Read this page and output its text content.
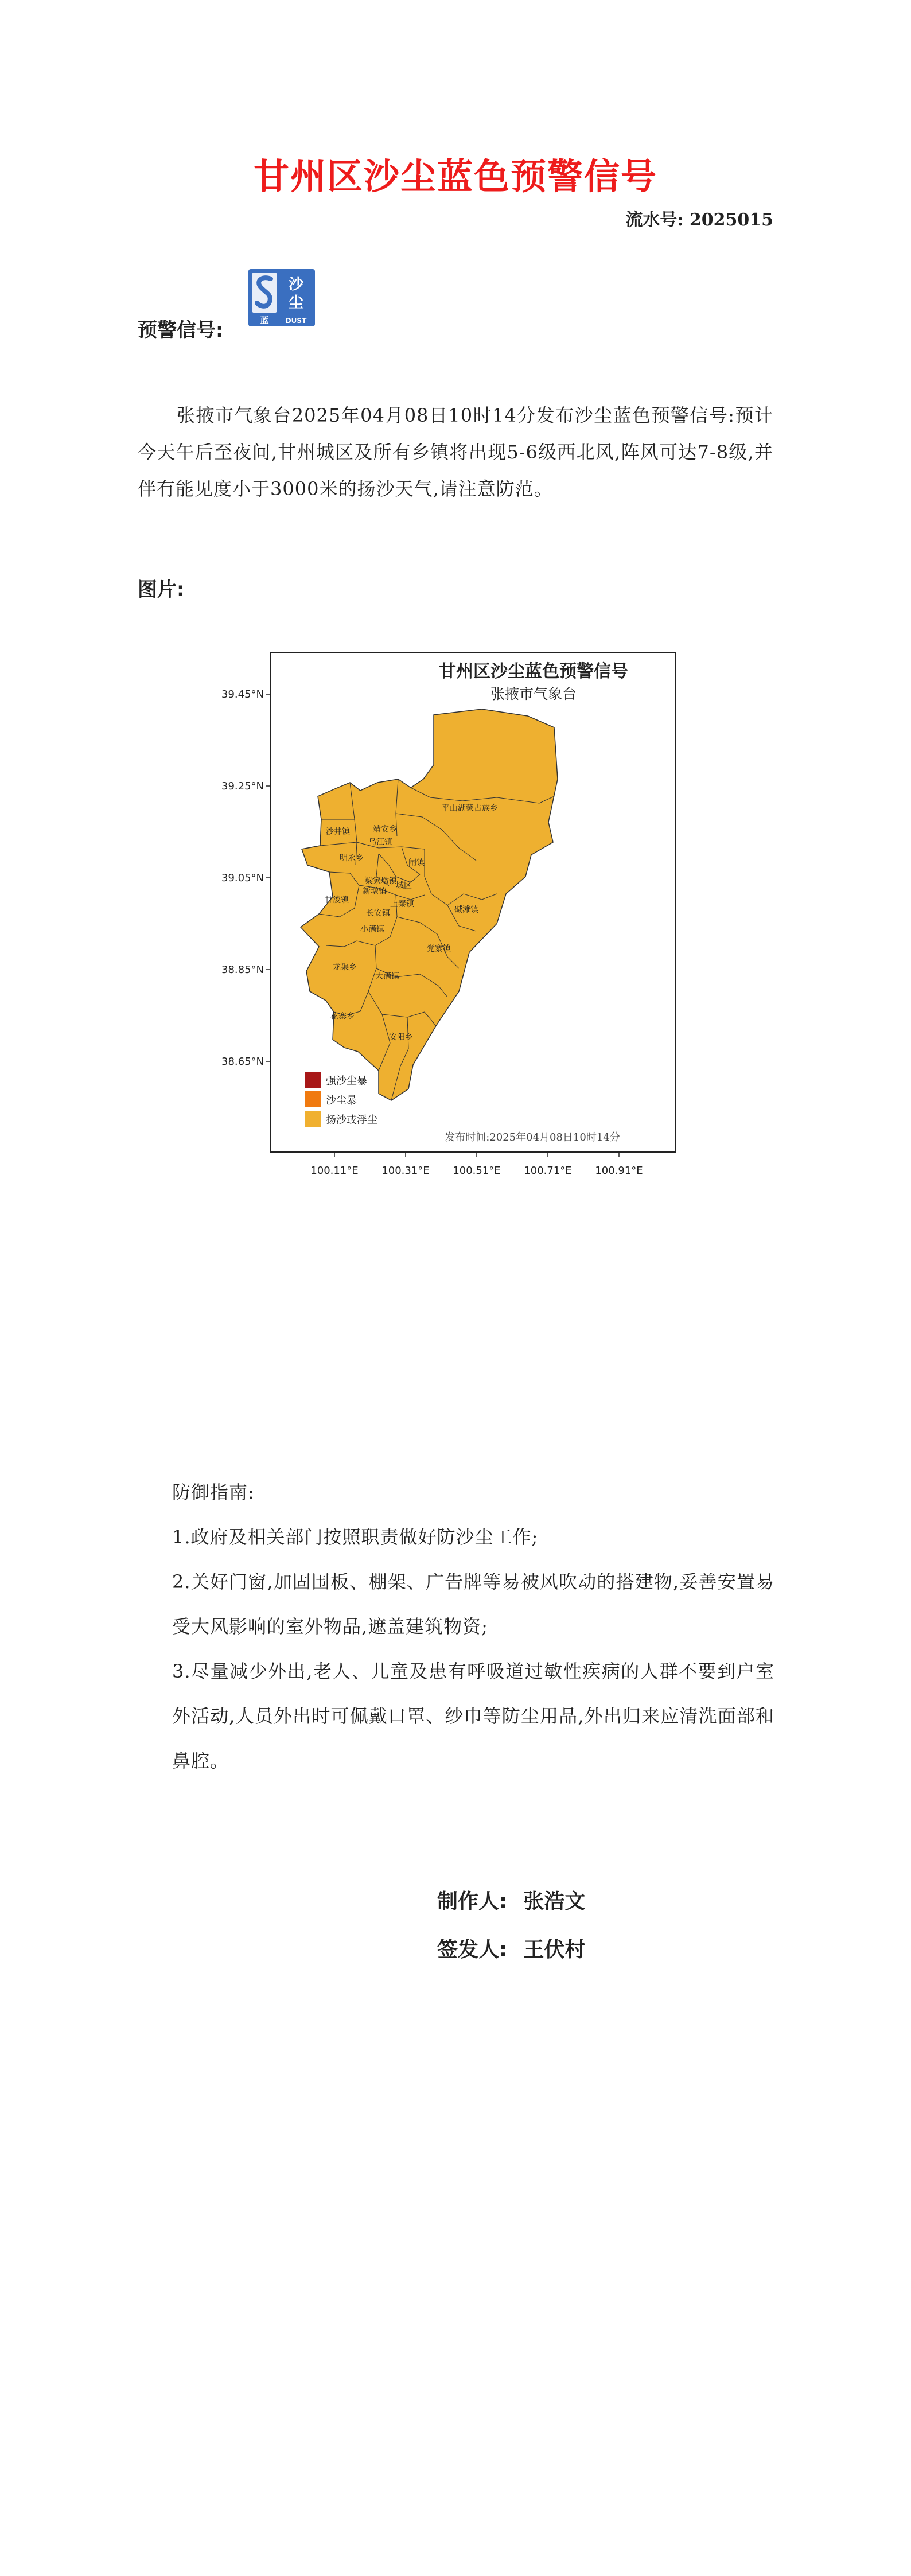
甘州区沙尘蓝色预警信号
流水号: 2025015
预警信号:
沙
尘
蓝 DUST

张掖市气象台2025年04月08日10时14分发布沙尘蓝色预警信号:预计今天午后至夜间,甘州城区及所有乡镇将出现5-6级西北风,阵风可达7-8级,并伴有能见度小于3000米的扬沙天气,请注意防范。

图片:
39.45°N
39.25°N
39.05°N
38.85°N
38.65°N
100.11°E 100.31°E 100.51°E 100.71°E 100.91°E
甘州区沙尘蓝色预警信号
张掖市气象台
平山湖蒙古族乡
沙井镇
明永乡
乌江镇
三闸镇
靖安乡
碱滩镇
甘浚镇
党寨镇
小满镇
上秦镇
梁家墩镇
新墩镇
长安镇
龙渠乡
大满镇
安阳乡
花寨乡
城区
强沙尘暴
沙尘暴
扬沙或浮尘
发布时间:2025年04月08日10时14分

防御指南:

1.政府及相关部门按照职责做好防沙尘工作;

2.关好门窗,加固围板、棚架、广告牌等易被风吹动的搭建物,妥善安置易受大风影响的室外物品,遮盖建筑物资;

3.尽量减少外出,老人、儿童及患有呼吸道过敏性疾病的人群不要到户室外活动,人员外出时可佩戴口罩、纱巾等防尘用品,外出归来应清洗面部和鼻腔。

制作人: 张浩文
签发人: 王伏村
